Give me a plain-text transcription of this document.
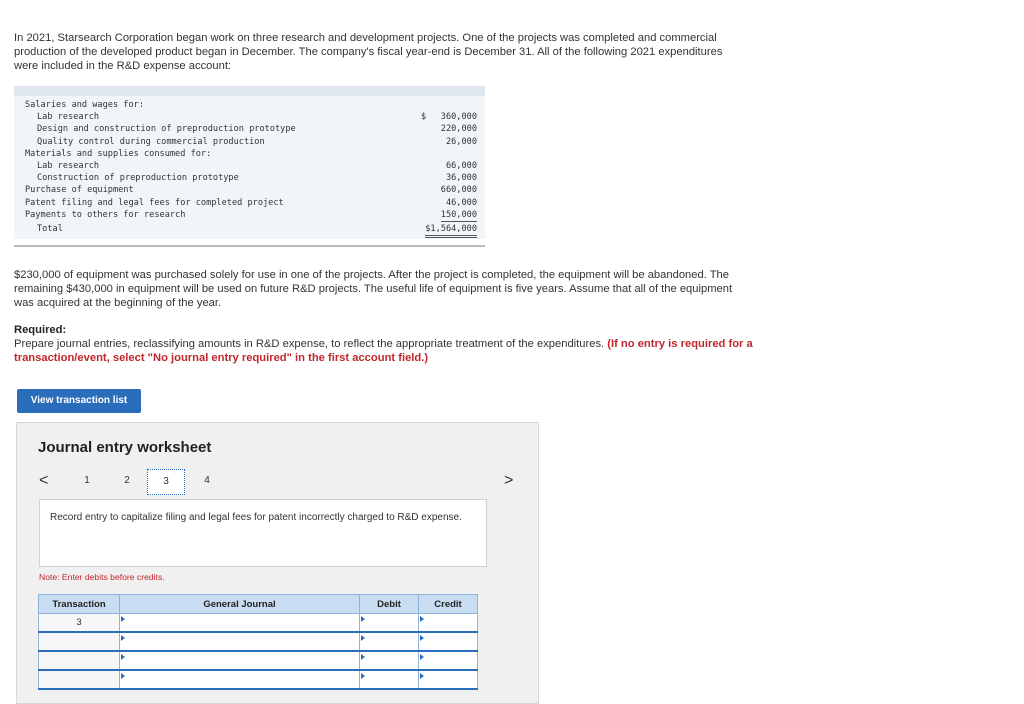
In 2021, Starsearch Corporation began work on three research and development projects. One of the projects was completed and commercial production of the developed product began in December. The company's fiscal year-end is December 31. All of the following 2021 expenditures were included in the R&D expense account:
Salaries and wages for:
Lab research	$ 360,000
Design and construction of preproduction prototype	220,000
Quality control during commercial production	26,000
Materials and supplies consumed for:
Lab research	66,000
Construction of preproduction prototype	36,000
Purchase of equipment	660,000
Patent filing and legal fees for completed project	46,000
Payments to others for research	150,000
Total	$1,564,000
$230,000 of equipment was purchased solely for use in one of the projects. After the project is completed, the equipment will be abandoned. The remaining $430,000 in equipment will be used on future R&D projects. The useful life of equipment is five years. Assume that all of the equipment was acquired at the beginning of the year.
Required:
Prepare journal entries, reclassifying amounts in R&D expense, to reflect the appropriate treatment of the expenditures. (If no entry is required for a transaction/event, select "No journal entry required" in the first account field.)
View transaction list
Journal entry worksheet
<	1	2	3	4	>
Record entry to capitalize filing and legal fees for patent incorrectly charged to R&D expense.
Note: Enter debits before credits.
Transaction	General Journal	Debit	Credit
3	
